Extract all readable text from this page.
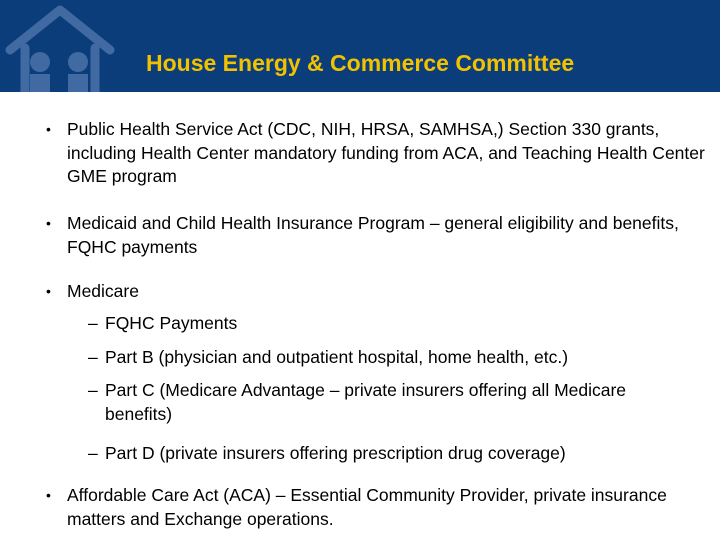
House Energy & Commerce Committee
• Public Health Service Act (CDC, NIH, HRSA, SAMHSA,) Section 330 grants, including Health Center mandatory funding from ACA, and Teaching Health Center GME program
• Medicaid and Child Health Insurance Program – general eligibility and benefits, FQHC payments
• Medicare
– FQHC Payments
– Part B (physician and outpatient hospital, home health, etc.)
– Part C (Medicare Advantage – private insurers offering all Medicare benefits)
– Part D (private insurers offering prescription drug coverage)
• Affordable Care Act (ACA) – Essential Community Provider, private insurance matters and Exchange operations.
